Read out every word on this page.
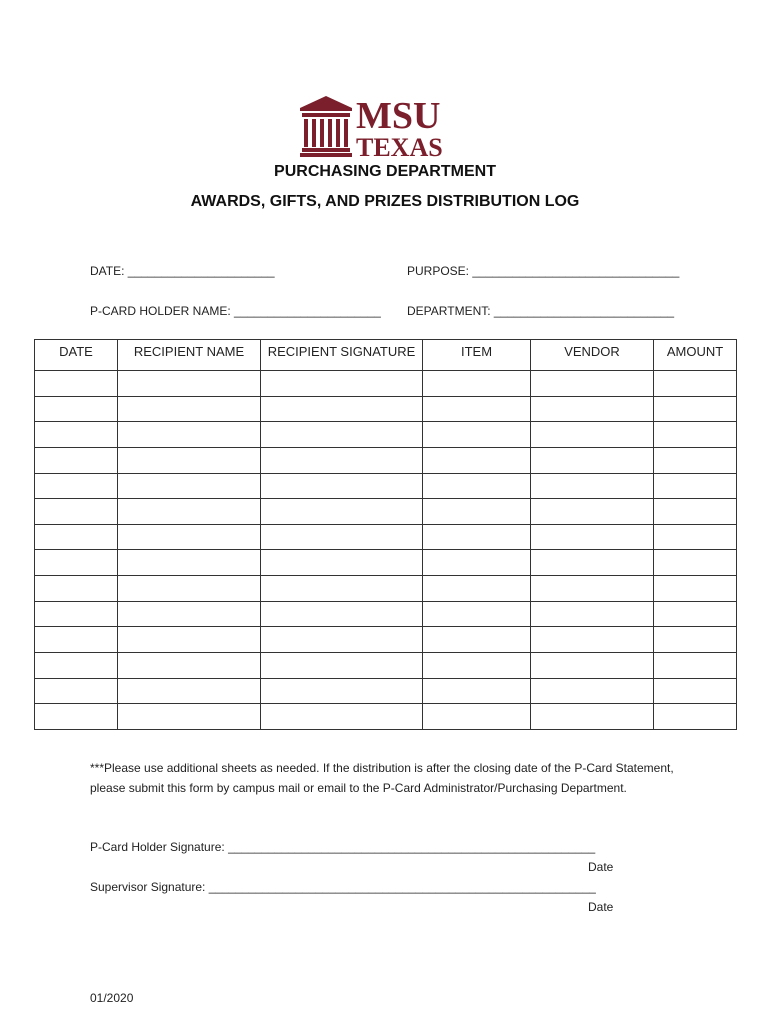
MSU
TEXAS
PURCHASING DEPARTMENT
AWARDS, GIFTS, AND PRIZES DISTRIBUTION LOG
DATE: ______________________	PURPOSE: _______________________________
P-CARD HOLDER NAME: ______________________ DEPARTMENT: ___________________________
DATE	RECIPIENT NAME	RECIPIENT SIGNATURE	ITEM	VENDOR	AMOUNT

***Please use additional sheets as needed. If the distribution is after the closing date of the P-Card Statement, please submit this form by campus mail or email to the P-Card Administrator/Purchasing Department.
P-Card Holder Signature: _______________________________________________________
Date
Supervisor Signature: __________________________________________________________
Date
01/2020
